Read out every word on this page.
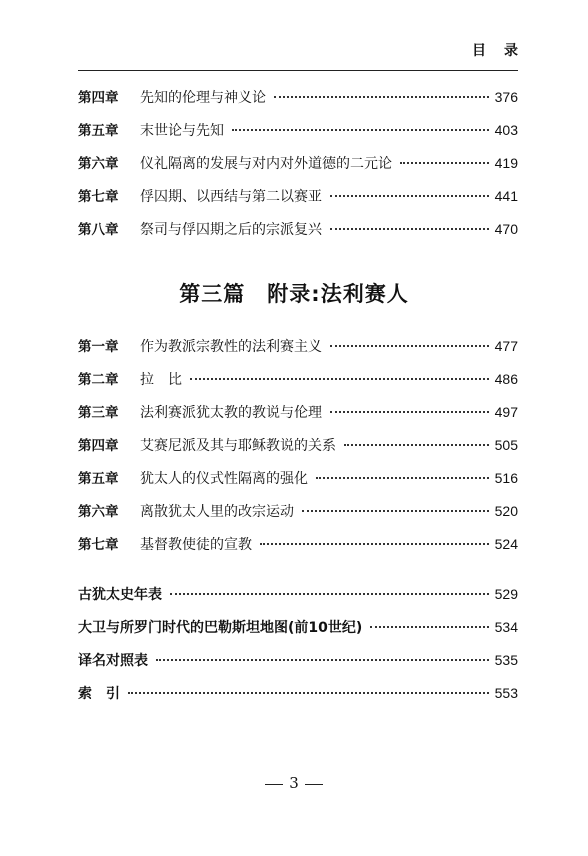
目录
第四章	先知的伦理与神义论	376
第五章	末世论与先知	403
第六章	仪礼隔离的发展与对内对外道德的二元论	419
第七章	俘囚期、以西结与第二以赛亚	441
第八章	祭司与俘囚期之后的宗派复兴	470
第三篇 附录:法利赛人
第一章	作为教派宗教性的法利赛主义	477
第二章	拉　比	486
第三章	法利赛派犹太教的教说与伦理	497
第四章	艾赛尼派及其与耶稣教说的关系	505
第五章	犹太人的仪式性隔离的强化	516
第六章	离散犹太人里的改宗运动	520
第七章	基督教使徒的宣教	524
古犹太史年表	529
大卫与所罗门时代的巴勒斯坦地图(前10世纪)	534
译名对照表	535
索　引	553
3
